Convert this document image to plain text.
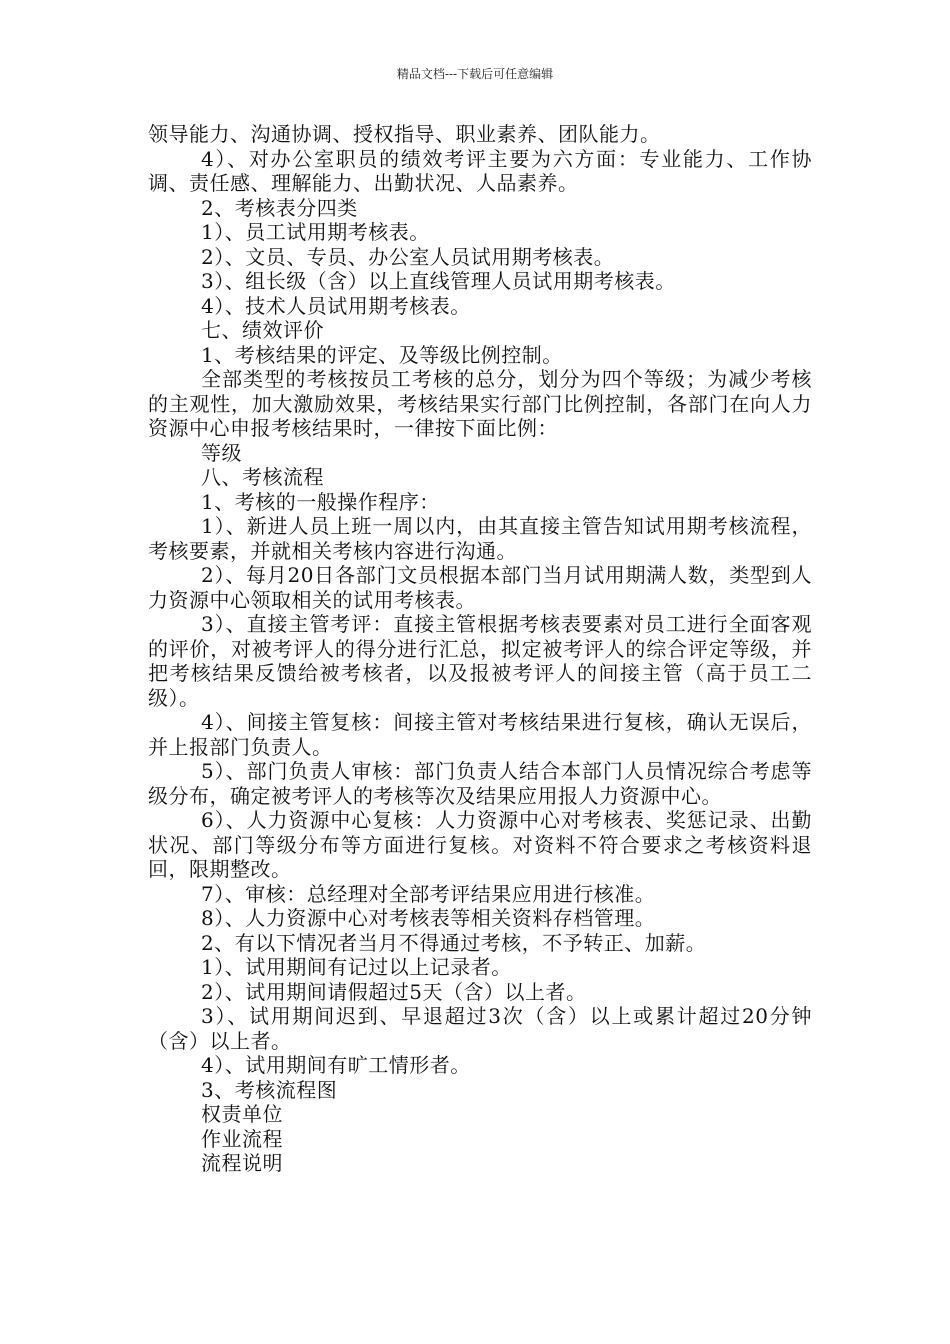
精品文档---下载后可任意编辑

领导能力、沟通协调、授权指导、职业素养、团队能力。

4）、对办公室职员的绩效考评主要为六方面：专业能力、工作协调、责任感、理解能力、出勤状况、人品素养。

2、考核表分四类

1）、员工试用期考核表。

2）、文员、专员、办公室人员试用期考核表。

3）、组长级（含）以上直线管理人员试用期考核表。

4）、技术人员试用期考核表。

七、绩效评价

1、考核结果的评定、及等级比例控制。

全部类型的考核按员工考核的总分，划分为四个等级；为减少考核的主观性，加大激励效果，考核结果实行部门比例控制，各部门在向人力资源中心申报考核结果时，一律按下面比例：

等级

八、考核流程

1、考核的一般操作程序：

1）、新进人员上班一周以内，由其直接主管告知试用期考核流程，考核要素，并就相关考核内容进行沟通。

2）、每月20日各部门文员根据本部门当月试用期满人数，类型到人力资源中心领取相关的试用考核表。

3）、直接主管考评：直接主管根据考核表要素对员工进行全面客观的评价，对被考评人的得分进行汇总，拟定被考评人的综合评定等级，并把考核结果反馈给被考核者，以及报被考评人的间接主管（高于员工二级）。

4）、间接主管复核：间接主管对考核结果进行复核，确认无误后，并上报部门负责人。

5）、部门负责人审核：部门负责人结合本部门人员情况综合考虑等级分布，确定被考评人的考核等次及结果应用报人力资源中心。

6）、人力资源中心复核：人力资源中心对考核表、奖惩记录、出勤状况、部门等级分布等方面进行复核。对资料不符合要求之考核资料退回，限期整改。

7）、审核：总经理对全部考评结果应用进行核准。

8）、人力资源中心对考核表等相关资料存档管理。

2、有以下情况者当月不得通过考核，不予转正、加薪。

1）、试用期间有记过以上记录者。

2）、试用期间请假超过5天（含）以上者。

3）、试用期间迟到、早退超过3次（含）以上或累计超过20分钟（含）以上者。

4）、试用期间有旷工情形者。

3、考核流程图

权责单位

作业流程

流程说明
